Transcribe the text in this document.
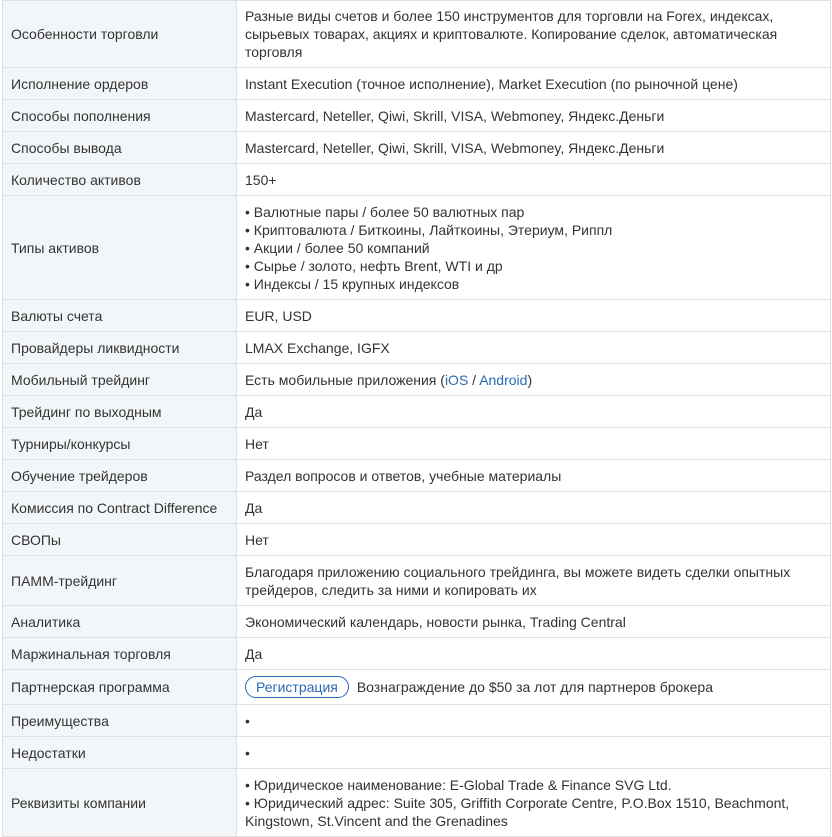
Особенности торговли	Разные виды счетов и более 150 инструментов для торговли на Forex, индексах, сырьевых товарах, акциях и криптовалюте. Копирование сделок, автоматическая торговля
Исполнение ордеров	Instant Execution (точное исполнение), Market Execution (по рыночной цене)
Способы пополнения	Mastercard, Neteller, Qiwi, Skrill, VISA, Webmoney, Яндекс.Деньги
Способы вывода	Mastercard, Neteller, Qiwi, Skrill, VISA, Webmoney, Яндекс.Деньги
Количество активов	150+
Типы активов	• Валютные пары / более 50 валютных пар
• Криптовалюта / Биткоины, Лайткоины, Этериум, Риппл
• Акции / более 50 компаний
• Сырье / золото, нефть Brent, WTI и др
• Индексы / 15 крупных индексов

Валюты счета	EUR, USD
Провайдеры ликвидности	LMAX Exchange, IGFX
Мобильный трейдинг	Есть мобильные приложения (iOS / Android)
Трейдинг по выходным	Да
Турниры/конкурсы	Нет
Обучение трейдеров	Раздел вопросов и ответов, учебные материалы
Комиссия по Contract Difference	Да
СВОПы	Нет
ПАММ-трейдинг	Благодаря приложению социального трейдинга, вы можете видеть сделки опытных трейдеров, следить за ними и копировать их
Аналитика	Экономический календарь, новости рынка, Trading Central
Маржинальная торговля	Да
Партнерская программа	Регистрация Вознаграждение до $50 за лот для партнеров брокера
Преимущества	•
Недостатки	•
Реквизиты компании	• Юридическое наименование: E-Global Trade & Finance SVG Ltd.
• Юридический адрес: Suite 305, Griffith Corporate Centre, P.O.Box 1510, Beachmont, Kingstown, St.Vincent and the Grenadines
